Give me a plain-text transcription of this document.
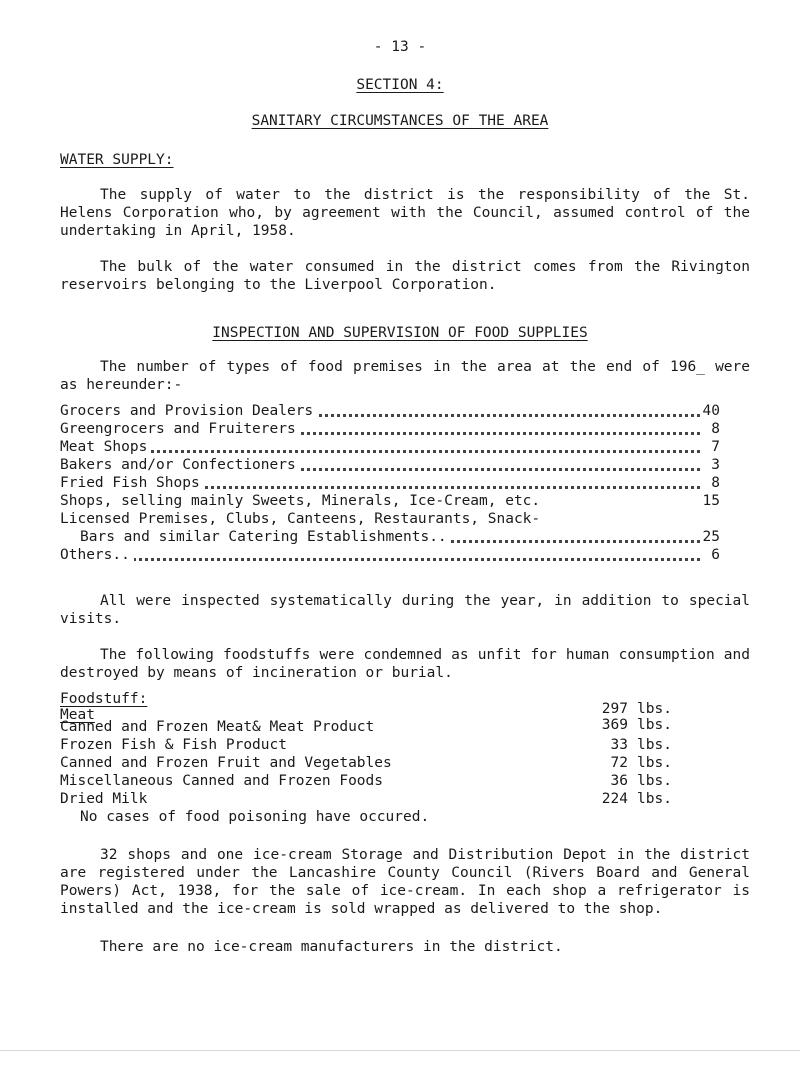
- 13 -
SECTION 4:
SANITARY CIRCUMSTANCES OF THE AREA
WATER SUPPLY:
The supply of water to the district is the responsibility of the St. Helens Corporation who, by agreement with the Council, assumed control of the undertaking in April, 1958.
The bulk of the water consumed in the district comes from the Rivington reservoirs belonging to the Liverpool Corporation.
INSPECTION AND SUPERVISION OF FOOD SUPPLIES
The number of types of food premises in the area at the end of 196_ were as hereunder:-
Grocers and Provision Dealers	40
Greengrocers and Fruiterers	8
Meat Shops	7
Bakers and/or Confectioners	3
Fried Fish Shops	8
Shops, selling mainly Sweets, Minerals, Ice-Cream, etc.	15
Licensed Premises, Clubs, Canteens, Restaurants, Snack-
Bars and similar Catering Establishments..	25
Others..	6
All were inspected systematically during the year, in addition to special visits.
The following foodstuffs were condemned as unfit for human consumption and destroyed by means of incineration or burial.
Foodstuff:
Meat	297 lbs.
Canned and Frozen Meat& Meat Product	369 lbs.
Frozen Fish & Fish Product	33 lbs.
Canned and Frozen Fruit and Vegetables	72 lbs.
Miscellaneous Canned and Frozen Foods	36 lbs.
Dried Milk	224 lbs.
No cases of food poisoning have occured.
32 shops and one ice-cream Storage and Distribution Depot in the district are registered under the Lancashire County Council (Rivers Board and General Powers) Act, 1938, for the sale of ice-cream. In each shop a refrigerator is installed and the ice-cream is sold wrapped as delivered to the shop.
There are no ice-cream manufacturers in the district.
